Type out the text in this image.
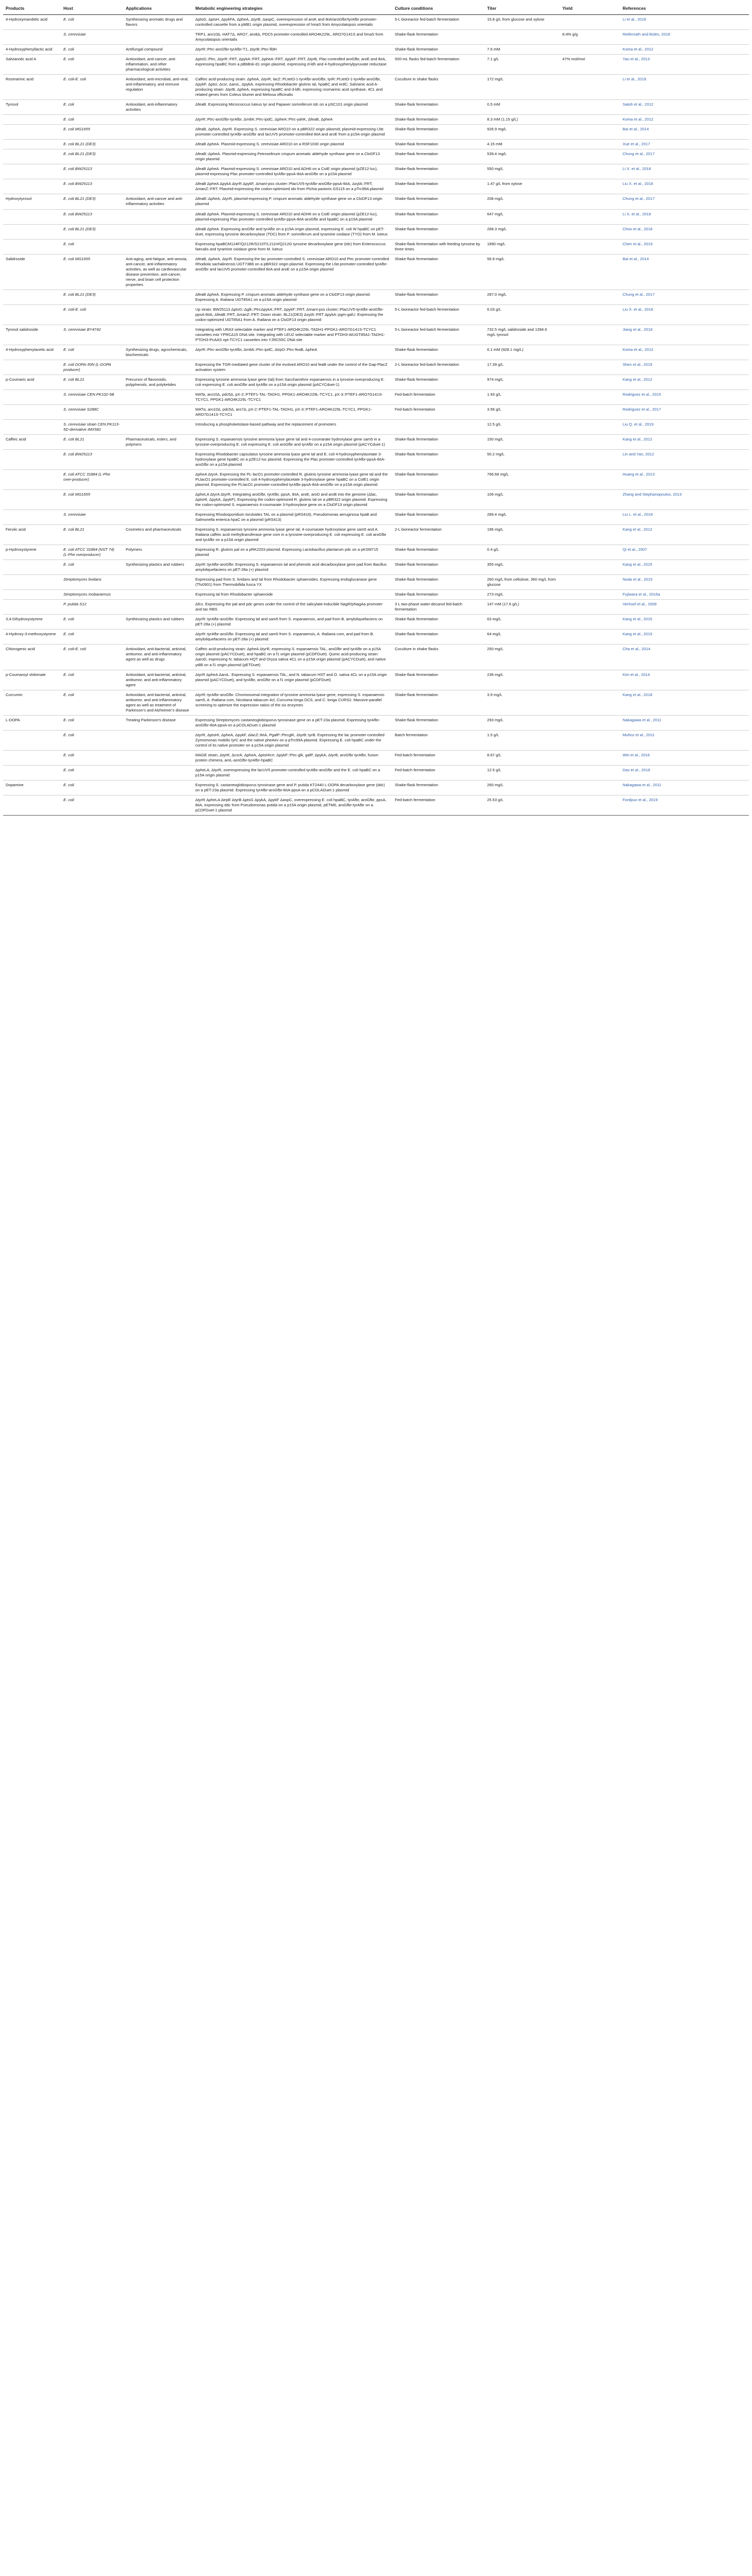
Products	Host	Applications	Metabolic engineering strategies	Culture conditions	Titer	Yield	References
4-Hydroxymandelic acid	E. coli	Synthesizing aromatic drugs and flavors	ΔptsG, ΔptsH, ΔpykFA, ΔpheA, ΔtyrB, ΔaspC, overexpression of aroK and tktA/aroGfbr/tyrAfbr promoter-controlled cassette from a pMB1 origin plasmid, overexpression of hmaS from Amycolatopsis orientalis	5-L bioreactor fed-batch fermentation	15.8 g/L from glucose and xylose		Li et al., 2016
	S. cerevisiae		TRP1, aro10Δ, HAT7Δ, ARO7, aro8Δ, PDC5 promoter-controlled ARO4K229L, ARO7G141S and hmaS from Amycolatopsis orientalis	Shake-flask fermentation		8.4% g/g	Reifenrath and Boles, 2018
4-Hydroxyphenyllactic acid	E. coli	Antifungal compound	ΔtyrR::Ptrc-aroGfbr-tyrAfbr-T1, ΔtyrB::Ptrc-fldH	Shake-flask fermentation	7.6 mM		Koma et al., 2012
Salvianolic acid A	E. coli	Antioxidant, anti-cancer, anti-inflammation, and other pharmacological activities	ΔptsG::Ptrc, ΔtyrR::FRT, ΔpykA::FRT, ΔpheA::FRT, ΔpykF::FRT, ΔtyrB, Plac-controlled aroGfbr, aroE and tktA, expressing hpaBC from a pBbBsk-d1 origin plasmid, expressing d-ldh and 4-hydroxyphenylpyruvate reductase	500-mL flasks fed-batch fermentation	7.1 g/L	47% mol/mol	Yao et al., 2013
Rosmarinic acid	E. coli-E. coli	Antioxidant, anti-microbial, anti-viral, anti-inflammatory, and immune regulation	Caffeic acid-producing strain: ΔpheA, ΔtyrR, lacZ::PLtetO-1-tyrAfbr-aroGfbr, tyrR::PLtetO-1-tyrAfbr-aroGfbr, ΔpykF, ΔptsI, Δcsr, ΔaroL, ΔpykA, expressing Rhodobacter glutinis tal, hpaBC and erdC; Salvianic acid A-producing strain: ΔtyrB, ΔpheA, expressing hpaBC and d-ldh; expressing rosmarinic acid synthase, 4CL and related genes from Coleus blumei and Melissa officinalis	Coculture in shake flasks	172 mg/L		Li et al., 2019
Tyrosol	E. coli	Antioxidant, anti-inflammatory activities	ΔfeaB. Expressing Micrococcus luteus tyr and Papaver somniferum tdc on a pSC101 origin plasmid	Shake-flask fermentation	0.5 mM		Satoh et al., 2012
	E. coli		ΔtyrR::Ptrc-aroGfbr-tyrAfbr, ΔmtlA::Ptrc-ipdC, ΔpheA::Ptrc-yahK, ΔfeaB, ΔpheA	Shake-flask fermentation	8.3 mM (1.15 g/L)		Koma et al., 2012
	E. coli MG1655		ΔfeaB, ΔpheA, ΔtyrR. Expressing S. cerevisiae ARO10 on a pBR322 origin plasmid; plasmid-expressing Lfat promoter-controlled tyrAfbr-aroGfbr and lacUV5 promoter-controlled tktA and aroE from a p15A origin plasmid	Shake-flask fermentation	926.9 mg/L		Bai et al., 2014
	E. coli BL21 (DE3)		ΔfeaB ΔpheA. Plasmid-expressing S. cerevisiae ARO10 on a RSF1030 origin plasmid	Shake-flask fermentation	4.15 mM		Xue et al., 2017
	E. coli BL21 (DE3)		ΔfeaB::ΔpheA. Plasmid-expressing Petroselinum crispum aromatic aldehyde synthase gene on a CloDF13 origin plasmid	Shake-flask fermentation	539.4 mg/L		Chung et al., 2017
	E. coli BW25113		ΔfeaB ΔpheA. Plasmid-expressing S. cerevisiae ARO10 and ADH6 on a CoIE origin plasmid (pZE12-luc), plasmid-expressing Plac promoter-controlled tyrAfbr-ppsA-tktA-aroGfbr on a p15A plasmid	Shake-flask fermentation	550 mg/L		Li X. et al., 2018
	E. coli BW25113		ΔfeaB ΔpheA ΔpykA ΔtyrR ΔpykF, ΔmanI-pss cluster::PlacUV5-tyrAfbr-aroGfbr-ppsA-tktA, ΔxylA::FRT, ΔmanZ::FRT. Plasmid-expressing the codon-optimized ido from Pichia pastoris GS115 on a pTrc99A plasmid	Shake-flask fermentation	1.47 g/L from xylose		Liu X. et al., 2018
Hydroxytyrosol	E. coli BL21 (DE3)	Antioxidant, anti-cancer and anti-inflammatory activities	ΔfeaB::ΔpheA, ΔtyrR, plasmid-expressing P. crispum aromatic aldehyde synthase gene on a CloDF13 origin plasmid	Shake-flask fermentation	208 mg/L		Chung et al., 2017
	E. coli BW25113		ΔfeaB ΔpheA. Plasmid-expressing S. cerevisiae ARO10 and ADH6 on a CoIE origin plasmid (pZE12-luc), plasmid-expressing Plac promoter-controlled tyrAfbr-ppsA-tktA-aroGfbr and hpaBC on a p15A plasmid	Shake-flask fermentation	647 mg/L		Li X. et al., 2018
	E. coli BL21 (DE3)		ΔfeaB ΔpheA. Expressing aroGfbr and tyrAfbr on a p15A origin plasmid, expressing E. coli W hpaBC on pET-duet, expressing tyrosine decarboxylase (TDC) from P. somniferum and tyramine oxidase (TYO) from M. luteus	Shake-flask fermentation	268.3 mg/L		Choo et al., 2018
	E. coli		Expressing hpaBCM124F/Q212R/S210T/L211H/Q212G tyrosine decarboxylase gene (tdc) from Enterococcus faecalis and tyramine oxidase gene from M. luteus	Shake-flask fermentation with feeding tyrosine by three times	1890 mg/L		Chen et al., 2019
Salidroside	E. coli MG1655	Anti-aging, anti-fatigue, anti-anoxia, anti-cancer, anti-inflammatory activities, as well as cardiovascular disease prevention, anti-cancer, nerve, and brain cell protection properties	ΔfeaB, ΔpheA, ΔtyrR. Expressing the lac promoter-controlled S. cerevisiae ARO10 and Ptrc promoter-controlled Rhodiola sachalinensis UGT73B6 on a pBR322 origin plasmid. Expressing the Lfat promoter-controlled tyrAfbr-aroGfbr and lacUV5 promoter-controlled tktA and aroE on a p15A origin plasmid	Shake-flask fermentation	56.9 mg/L		Bai et al., 2014
	E. coli BL21 (DE3)		ΔfeaB ΔpheA. Expressing P. crispum aromatic aldehyde synthase gene on a CloDF13 origin plasmid. Expressing A. thaliana UGT85A1 on a p15A origin plasmid	Shake-flask fermentation	287.0 mg/L		Chung et al., 2017
	E. coli-E. coli		Up strain: BW25113 ΔptsG::Δglk::PtrcΔpykA::FRT, ΔpykF::FRT, ΔmanI-pss cluster::PlacUV5-tyrAfbr-aroGfbr-ppsA-tktA, ΔfeaB::FRT, ΔmanZ::FRT; Down strain: BL21(DE3) ΔxylA::FRT ΔpykA::pgm-galU. Expressing the codon-optimized UGT85A1 from A. thaliana on a CloDF13 origin plasmid	5-L bioreactor fed-batch fermentation	6.03 g/L		Liu X. et al., 2018
Tyrosol salidroside	S. cerevisiae BY4742		Integrating with URA3 selectable marker and PTEF1-ARO4K229L-TADH1-PPGK1-ARO7G141S-TCYC1 cassettes into YPRCΔ15 DNA site. Integrating with LEU2 selectable marker and PTDH3-AtUGT85A1-TADH1-PTDH3-PcAAS opt-TCYC1 cassettes into YJRC55C DNA site	5-L bioreactor fed-batch fermentation	732.5 mg/L salidroside and 1394.6 mg/L tyrosol		Jiang et al., 2018
4-Hydroxyphenylacetic acid	E. coli	Synthesizing drugs, agrochemicals, biochemicals	ΔtyrR::Ptrc-aroGfbr-tyrAfbr, ΔmtlA::Ptrc-ipdC, ΔtrpD::Ptrc-feaB, ΔpheA	Shake-flask fermentation	6.1 mM (928.1 mg/L)		Koma et al., 2012
	E. coli DOPA-30N (L-DOPA producer)		Expressing the TGR-mediated gene cluster of the evolved ARO10 and feaB under the control of the Gap-PlacZ activation system	2-L bioreactor fed-batch fermentation	17.39 g/L		Shen et al., 2019
p-Coumaric acid	E. coli BL21	Precursor of flavonoids, polyphenols, and polyketides	Expressing tyrosine ammonia lyase gene (tal) from Saccharothrix espanaensis in a tyrosine-overproducing E. coli expressing E. coli aroGfbr and tyrAfbr on a p15A origin plasmid (pACYCduet-1)	Shake-flask fermentation	974 mg/L		Kang et al., 2012
	S. cerevisiae CEN.PK102-5B		MATa, aro10Δ, pdc5Δ, pX-2::PTEF1-TAL-TADH1, PPGK1-ARO4K229L-TCYC1, pX-3::PTEF1-ARO7G141S-TCYC1, PPGK1-ARO4K229L-TCYC1	Fed-batch fermentation	1.93 g/L		Rodriguez et al., 2015
	S. cerevisiae S288C		MATα, aro10Δ, pdc5Δ, aro7Δ, pX-2::PTEF1-TAL-TADH1, pX-3::PTEF1-ARO4K229L-TCYC1, PPGK1-ARO7G141S-TCYC1	Fed-batch fermentation	3.56 g/L		Rodriguez et al., 2017
	S. cerevisiae strain CEN.PK113-5D-derivative IMX581		Introducing a phosphoketolase-based pathway and the replacement of promoters		12.5 g/L		Liu Q. et al., 2019
Caffeic acid	E. coli BL21	Pharmaceuticals, esters, and polymers	Expressing S. espanaensis tyrosine ammonia lyase gene tal and 4-coumarate hydroxylase gene sam5 in a tyrosine-overproducing E. coli expressing E. coli aroGfbr and tyrAfbr on a p15A origin plasmid (pACYCduet-1)	Shake-flask fermentation	150 mg/L		Kang et al., 2012
	E. coli BW25113		Expressing Rhodobacter capsulatus tyrosine ammonia lyase gene tal and E. coli 4-hydroxyphenylacetate 3-hydroxylase gene hpaBC on a pZE12-luc plasmid. Expressing the Plac promoter-controlled tyrAfbr-ppsA-tktA-aroGfbr on a p15A plasmid	Shake-flask fermentation	50.2 mg/L		Lin and Yan, 2012
	E. coli ATCC 31884 (L-Phe over-producer)		ΔpheA ΔtyrA. Expressing the PL-lacO1 promoter-controlled R. glutinis tyrosine ammonia lyase gene tal and the PLlacO1 promoter-controlled E. coli 4-hydroxyphenylacetate 3-hydroxylase gene hpaBC on a ColE1 origin plasmid. Expressing the PLlacO1 promoter-controlled tyrAfbr-ppsA-tktA-aroGfbr on a p15A origin plasmid	Shake-flask fermentation	766.68 mg/L		Huang et al., 2013
	E. coli MG1655		ΔpheLA ΔtyrA ΔtyrR, Integrating aroGfbr, tyrAfbr, ppsA, tktA, aroE, aroD and aroB into the genome (Δlac, ΔptsHI, ΔpykA, ΔpykF). Expressing the codon-optimized R. glutinis tal on a pBR322 origin plasmid. Expressing the codon-optimized S. espanaensis 4-coumarate 3-hydroxylase gene on a CloDF13 origin plasmid	Shake-flask fermentation	106 mg/L		Zhang and Stephanopoulos, 2013
	S. cerevisiae		Expressing Rhodosporidium toruloides TAL on a plasmid (pRS416), Pseudomonas aeruginosa hpaB and Salmonella enterica hpaC on a plasmid (pRS413)	Shake-flask fermentation	289.4 mg/L		Liu L. et al., 2019
Ferulic acid	E. coli BL21	Cosmetics and pharmaceuticals	Expressing S. espanaensis tyrosine ammonia lyase gene tal, 4-coumarate hydroxylase gene sam5 and A. thaliana caffeic acid methyltransferase gene com in a tyrosine-overproducing E. coli expressing E. coli aroGfbr and tyrAfbr on a p15A origin plasmid	2-L bioreactor fermentation	196 mg/L		Kang et al., 2012
p-Hydroxystyrene	E. coli ATCC 31884 (NST 74) (L-Phe overproducer)	Polymers	Expressing R. glutinis pal on a pRK2203 plasmid. Expressing Lactobacillus plantarum pdc on a pKSM715 plasmid	Shake-flask fermentation	0.4 g/L		Qi et al., 2007
	E. coli	Synthesizing plastics and rubbers	ΔtyrR::tyrAfbr-aroGfbr. Expressing S. espanaensis tal and phenolic acid decarboxylase gene pad from Bacillus amyloliquefaciens on pET-28a (+) plasmid	Shake-flask fermentation	355 mg/L		Kang et al., 2015
	Streptomyces lividans		Expressing pad from S. lividans and tal from Rhodobacter sphaeroides. Expressing endoglucanase gene (Tfu0901) from Thermobifida fusca YX	Shake-flask fermentation	260 mg/L from cellulose, 360 mg/L from glucose		Noda et al., 2015
	Streptomyces mobaraensis		Expressing tal from Rhodobacter sphaeroide	Shake-flask fermentation	273 mg/L		Fujiwara et al., 2016a
	P. putida S12		Δfcs. Expressing the pal and pdc genes under the control of the salicylate-inducible NagR/pNagAa promoter and tac RBS	3 L two-phase water-decanol fed-batch fermentation	147 mM (17.6 g/L)		Verhoef et al., 2009
3,4-Dihydroxystyrene	E. coli	Synthesizing plastics and rubbers	ΔtyrR::tyrAfbr-aroGfbr. Expressing tal and sam5 from S. espanaensis, and pad from B. amyloliquefaciens on pET-28a (+) plasmid	Shake-flask fermentation	63 mg/L		Kang et al., 2015
4-Hydroxy-3-methoxystyrene	E. coli		ΔtyrR::tyrAfbr-aroGfbr. Expressing tal and sam5 from S. espanaensis, A. thaliana com, and pad from B. amyloliquefaciens on pET-28a (+) plasmid	Shake-flask fermentation	64 mg/L		Kang et al., 2015
Chlorogenic acid	E. coli-E. coli	Antioxidant, anti-bacterial, antiviral, antitumor, and anti-inflammatory agent as well as drugs	Caffeic acid-producing strain: ΔpheA ΔtyrR, expressing S. espanaensis TAL, aroGfbr and tyrAfbr on a p15A origin plasmid (pACYCDuet), and hpaBC on a f1 origin plasmid (pCDFDuet). Quinic acid-producing strain: ΔaroD, expressing N. tabacum HQT and Oryza sativa 4CL on a p15A origin plasmid (pACYCDuet), and native ydiB on a f1 origin plasmid (pETDuet)	Coculture in shake flasks	250 mg/L		Cha et al., 2014
p-Coumaroyl shikimate	E. coli	Antioxidant, anti-bacterial, antiviral, antitumor, and anti-inflammatory agent	ΔtyrR ΔpheA ΔaroL. Expressing S. espanaensis TAL, and N. tabacum HST and O. sativa 4CL on a p15A origin plasmid (pACYCDuet), and tyrAfbr, aroGfbr on a f1 origin plasmid (pCDFDuet)	Shake-flask fermentation	236 mg/L		Kim et al., 2014
Curcumin	E. coli	Antioxidant, anti-bacterial, antiviral, antitumor, and anti-inflammatory agent as well as treatment of Parkinson's and Alzheimer's disease	ΔtyrR::tyrAfbr-aroGfbr. Chromosomal integration of tyrosine ammonia lyase gene, expressing S. espanaensis sam5, A. thaliana com, Nicotiana tabacum 4cl, Curcuma longa DCS, and C. longa CURS2. Massive-parallel screening to optimize the expression ratios of the six enzymes	Shake-flask fermentation	3.9 mg/L		Kang et al., 2018
L-DOPA	E. coli	Treating Parkinson's disease	Expressing Streptomyces castaneoglobisporus tyrosinase gene on a pET-23a plasmid. Expressing tyrAfbr-aroGfbr-tktA-ppsA on a pCOLADuet-1 plasmid	Shake-flask fermentation	293 mg/L		Nakagawa et al., 2011
	E. coli		ΔtyrR, ΔptsHI, ΔpheA, ΔpykF, ΔlacZ::tktA, PgalP::PtrcglK, ΔtyrB::tyrB. Expressing the lac promoter-controlled Zymomonas mobilis tyrC and the native pheAev on a pTrc99A plasmid. Expressing E. coli hpaBC under the control of its native promoter on a p15A origin plasmid	Batch fermentation	1.5 g/L		Muñoz et al., 2011
	E. coli		MAGE strain, ΔtyrR, ΔcsrA, ΔpheA, ΔptsHIcrr, ΔpykF::Ptrc-glk, galP, ΔpykA, ΔtyrB, aroGfbr tyrAfbr, fusion protein chimera, aroL-aroGfbr-tyrAfbr-hpaBC	Fed-batch fermentation	8.67 g/L		Wei et al., 2016
	E. coli		ΔpheLA, ΔtyrR, overexpressing the lacUV5 promoter-controlled tyrAfbr-aroGfbr and the E. coli hpaBC on a p15A origin plasmid	Fed-batch fermentation	12.5 g/L		Das et al., 2018
Dopamine	E. coli		Expressing S. castaneoglobisporus tyrosinase gene and P. putida KT2440 L-DOPA decarboxylase gene (ddc) on a pET-23a plasmid. Expressing tyrAfbr-aroGfbr-tktA-ppsA on a pCOLADuet-1 plasmid	Shake-flask fermentation	260 mg/L		Nakagawa et al., 2011
	E. coli		ΔtyrR ΔpheLA ΔtrpE ΔtyrB ΔptsG ΔpykA, ΔpykF ΔaspC, overexpressing E. coli hpaBC, tyrAfbr, aroGfbr, ppsA, tktA, expressing ddc from Pseudomonas putida on a p15A origin plasmid, pETM6, aroGfbr-tyrAfbr on a pCDFDuet-1 plasmid	Fed-batch fermentation	25.53 g/L		Fordjour et al., 2019
